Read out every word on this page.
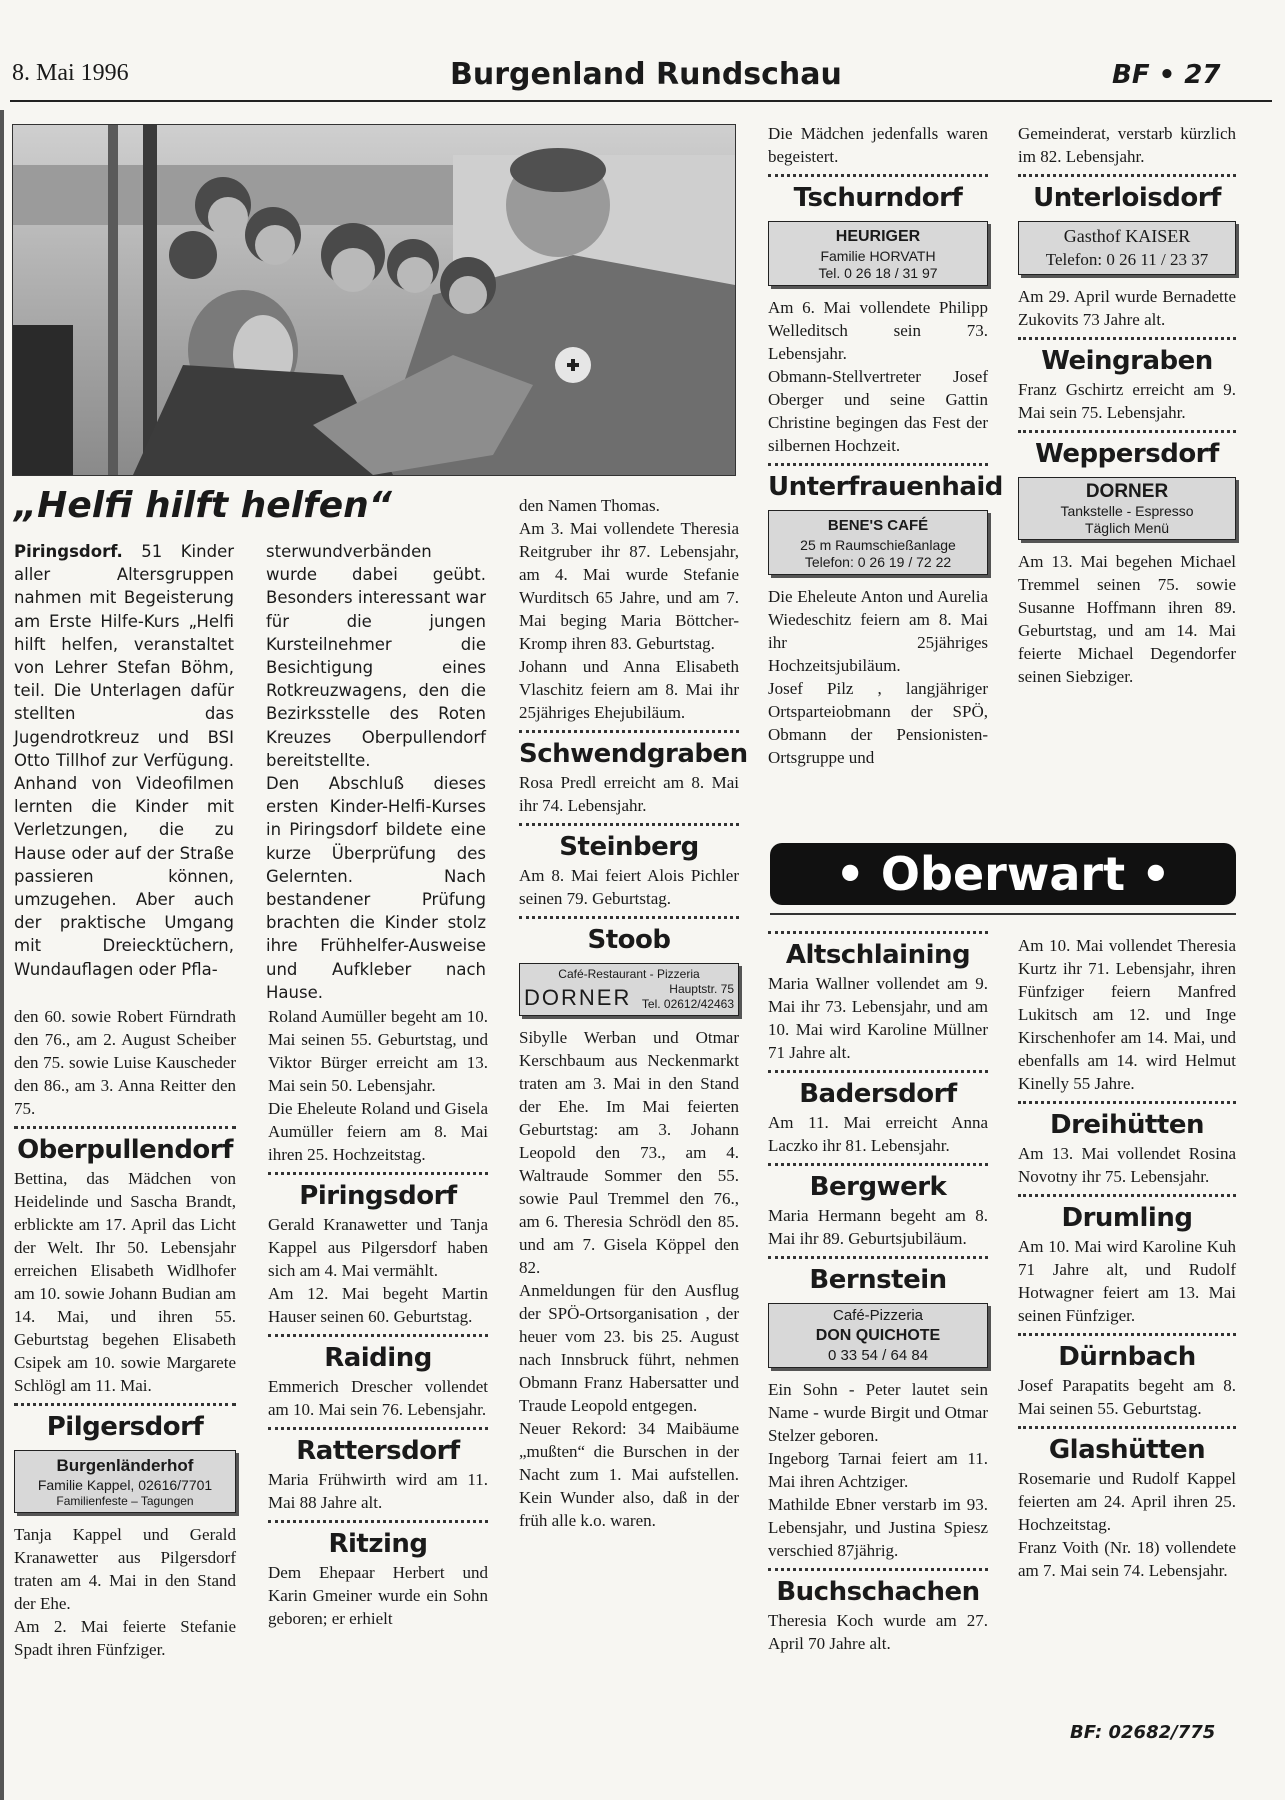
8. Mai 1996	Burgenland Rundschau	BF • 27
„Helfi hilft helfen“

Piringsdorf. 51 Kinder aller Altersgruppen nahmen mit Begeisterung am Erste Hilfe-Kurs „Helfi hilft helfen, veranstaltet von Lehrer Stefan Böhm, teil. Die Unterlagen dafür stellten das Jugendrotkreuz und BSI Otto Tillhof zur Verfügung. Anhand von Videofilmen lernten die Kinder mit Verletzungen, die zu Hause oder auf der Straße passieren können, umzugehen. Aber auch der praktische Umgang mit Dreiecktüchern, Wundauflagen oder Pfla-

sterwundverbänden wurde dabei geübt. Besonders interessant war für die jungen Kursteilnehmer die Besichtigung eines Rotkreuzwagens, den die Bezirksstelle des Roten Kreuzes Oberpullendorf bereitstellte.

Den Abschluß dieses ersten Kinder-Helfi-Kurses in Piringsdorf bildete eine kurze Überprüfung des Gelernten. Nach bestandener Prüfung brachten die Kinder stolz ihre Frühhelfer-Ausweise und Aufkleber nach Hause.

den 60. sowie Robert Fürndrath den 76., am 2. August Scheiber den 75. sowie Luise Kauscheder den 86., am 3. Anna Reitter den 75.

Oberpullendorf

Bettina, das Mädchen von Heidelinde und Sascha Brandt, erblickte am 17. April das Licht der Welt. Ihr 50. Lebensjahr erreichen Elisabeth Widlhofer am 10. sowie Johann Budian am 14. Mai, und ihren 55. Geburtstag begehen Elisabeth Csipek am 10. sowie Margarete Schlögl am 11. Mai.

Pilgersdorf
Burgenländerhof
Familie Kappel, 02616/7701
Familienfeste – Tagungen

Tanja Kappel und Gerald Kranawetter aus Pilgersdorf traten am 4. Mai in den Stand der Ehe.

Am 2. Mai feierte Stefanie Spadt ihren Fünfziger.

Roland Aumüller begeht am 10. Mai seinen 55. Geburtstag, und Viktor Bürger erreicht am 13. Mai sein 50. Lebensjahr.

Die Eheleute Roland und Gisela Aumüller feiern am 8. Mai ihren 25. Hochzeitstag.

Piringsdorf

Gerald Kranawetter und Tanja Kappel aus Pilgersdorf haben sich am 4. Mai vermählt.

Am 12. Mai begeht Martin Hauser seinen 60. Geburtstag.

Raiding

Emmerich Drescher vollendet am 10. Mai sein 76. Lebensjahr.

Rattersdorf

Maria Frühwirth wird am 11. Mai 88 Jahre alt.

Ritzing

Dem Ehepaar Herbert und Karin Gmeiner wurde ein Sohn geboren; er erhielt

den Namen Thomas.

Am 3. Mai vollendete Theresia Reitgruber ihr 87. Lebensjahr, am 4. Mai wurde Stefanie Wurditsch 65 Jahre, und am 7. Mai beging Maria Böttcher-Kromp ihren 83. Geburtstag.

Johann und Anna Elisabeth Vlaschitz feiern am 8. Mai ihr 25jähriges Ehejubiläum.

Schwendgraben

Rosa Predl erreicht am 8. Mai ihr 74. Lebensjahr.

Steinberg

Am 8. Mai feiert Alois Pichler seinen 79. Geburtstag.

Stoob
Café-Restaurant - Pizzeria
DORNER	Hauptstr. 75
Tel. 02612/42463

Sibylle Werban und Otmar Kerschbaum aus Neckenmarkt traten am 3. Mai in den Stand der Ehe. Im Mai feierten Geburtstag: am 3. Johann Leopold den 73., am 4. Waltraude Sommer den 55. sowie Paul Tremmel den 76., am 6. Theresia Schrödl den 85. und am 7. Gisela Köppel den 82.

Anmeldungen für den Ausflug der SPÖ-Ortsorganisation , der heuer vom 23. bis 25. August nach Innsbruck führt, nehmen Obmann Franz Habersatter und Traude Leopold entgegen.

Neuer Rekord: 34 Maibäume „mußten“ die Burschen in der Nacht zum 1. Mai aufstellen. Kein Wunder also, daß in der früh alle k.o. waren.

Die Mädchen jedenfalls waren begeistert.

Tschurndorf
HEURIGER
Familie HORVATH
Tel. 0 26 18 / 31 97

Am 6. Mai vollendete Philipp Welleditsch sein 73. Lebensjahr.

Obmann-Stellvertreter Josef Oberger und seine Gattin Christine begingen das Fest der silbernen Hochzeit.

Unterfrauenhaid
BENE'S CAFÉ
25 m Raumschießanlage
Telefon: 0 26 19 / 72 22

Die Eheleute Anton und Aurelia Wiedeschitz feiern am 8. Mai ihr 25jähriges Hochzeitsjubiläum.

Josef Pilz , langjähriger Ortsparteiobmann der SPÖ, Obmann der Pensionisten-Ortsgruppe und

Gemeinderat, verstarb kürzlich im 82. Lebensjahr.

Unterloisdorf
Gasthof KAISER
Telefon: 0 26 11 / 23 37

Am 29. April wurde Bernadette Zukovits 73 Jahre alt.

Weingraben

Franz Gschirtz erreicht am 9. Mai sein 75. Lebensjahr.

Weppersdorf
DORNER
Tankstelle - Espresso
Täglich Menü

Am 13. Mai begehen Michael Tremmel seinen 75. sowie Susanne Hoffmann ihren 89. Geburtstag, und am 14. Mai feierte Michael Degendorfer seinen Siebziger.

• Oberwart •
Altschlaining

Maria Wallner vollendet am 9. Mai ihr 73. Lebensjahr, und am 10. Mai wird Karoline Müllner 71 Jahre alt.

Badersdorf

Am 11. Mai erreicht Anna Laczko ihr 81. Lebensjahr.

Bergwerk

Maria Hermann begeht am 8. Mai ihr 89. Geburtsjubiläum.

Bernstein
Café-Pizzeria
DON QUICHOTE
0 33 54 / 64 84

Ein Sohn - Peter lautet sein Name - wurde Birgit und Otmar Stelzer geboren.

Ingeborg Tarnai feiert am 11. Mai ihren Achtziger.

Mathilde Ebner verstarb im 93. Lebensjahr, und Justina Spiesz verschied 87jährig.

Buchschachen

Theresia Koch wurde am 27. April 70 Jahre alt.

Am 10. Mai vollendet Theresia Kurtz ihr 71. Lebensjahr, ihren Fünfziger feiern Manfred Lukitsch am 12. und Inge Kirschenhofer am 14. Mai, und ebenfalls am 14. wird Helmut Kinelly 55 Jahre.

Dreihütten

Am 13. Mai vollendet Rosina Novotny ihr 75. Lebensjahr.

Drumling

Am 10. Mai wird Karoline Kuh 71 Jahre alt, und Rudolf Hotwagner feiert am 13. Mai seinen Fünfziger.

Dürnbach

Josef Parapatits begeht am 8. Mai seinen 55. Geburtstag.

Glashütten

Rosemarie und Rudolf Kappel feierten am 24. April ihren 25. Hochzeitstag.

Franz Voith (Nr. 18) vollendete am 7. Mai sein 74. Lebensjahr.

BF: 02682/775
